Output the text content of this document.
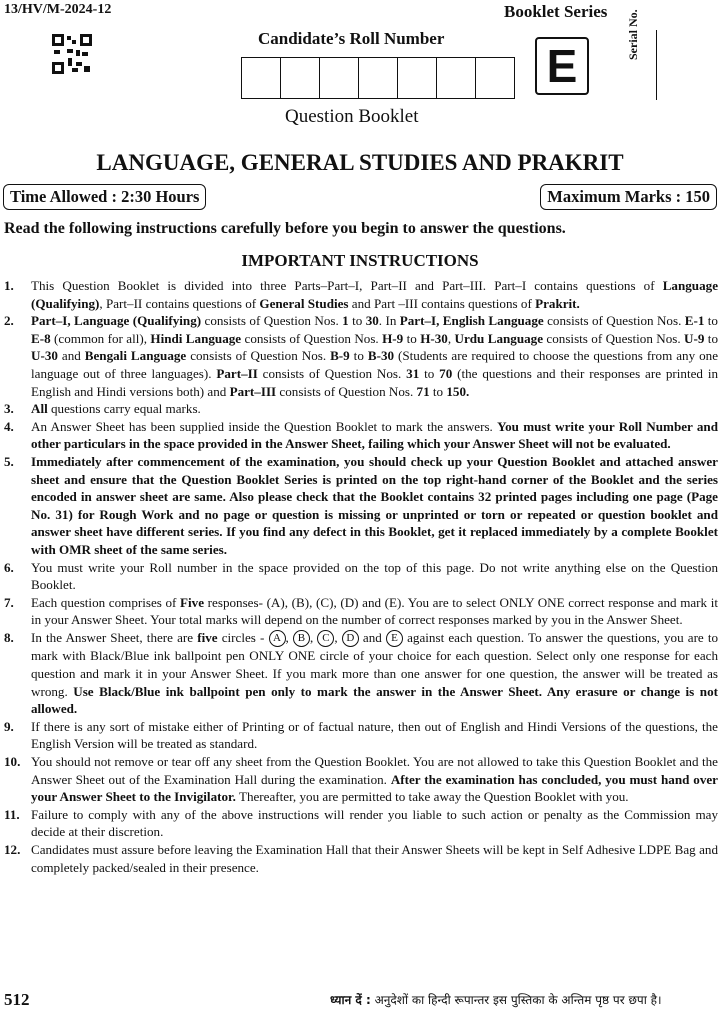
13/HV/M-2024-12	Booklet Series
Candidate’s Roll Number
Question Booklet
E
Serial No.
LANGUAGE, GENERAL STUDIES AND PRAKRIT
Time Allowed : 2:30 Hours	Maximum Marks : 150
Read the following instructions carefully before you begin to answer the questions.
IMPORTANT INSTRUCTIONS
1.	This Question Booklet is divided into three Parts–Part–I, Part–II and Part–III. Part–I contains questions of Language (Qualifying), Part–II contains questions of General Studies and Part –III contains questions of Prakrit.
2.	Part–I, Language (Qualifying) consists of Question Nos. 1 to 30. In Part–I, English Language consists of Question Nos. E-1 to E-8 (common for all), Hindi Language consists of Question Nos. H-9 to H-30, Urdu Language consists of Question Nos. U-9 to U-30 and Bengali Language consists of Question Nos. B-9 to B-30 (Students are required to choose the questions from any one language out of three languages). Part–II consists of Question Nos. 31 to 70 (the questions and their responses are printed in English and Hindi versions both) and Part–III consists of Question Nos. 71 to 150.
3.	All questions carry equal marks.
4.	An Answer Sheet has been supplied inside the Question Booklet to mark the answers. You must write your Roll Number and other particulars in the space provided in the Answer Sheet, failing which your Answer Sheet will not be evaluated.
5.	Immediately after commencement of the examination, you should check up your Question Booklet and attached answer sheet and ensure that the Question Booklet Series is printed on the top right-hand corner of the Booklet and the series encoded in answer sheet are same. Also please check that the Booklet contains 32 printed pages including one page (Page No. 31) for Rough Work and no page or question is missing or unprinted or torn or repeated or question booklet and answer sheet have different series. If you find any defect in this Booklet, get it replaced immediately by a complete Booklet with OMR sheet of the same series.
6.	You must write your Roll number in the space provided on the top of this page. Do not write anything else on the Question Booklet.
7.	Each question comprises of Five responses- (A), (B), (C), (D) and (E). You are to select ONLY ONE correct response and mark it in your Answer Sheet. Your total marks will depend on the number of correct responses marked by you in the Answer Sheet.
8.	In the Answer Sheet, there are five circles - A , B , C , D and E against each question. To answer the questions, you are to mark with Black/Blue ink ballpoint pen ONLY ONE circle of your choice for each question. Select only one response for each question and mark it in your Answer Sheet. If you mark more than one answer for one question, the answer will be treated as wrong. Use Black/Blue ink ballpoint pen only to mark the answer in the Answer Sheet. Any erasure or change is not allowed.
9.	If there is any sort of mistake either of Printing or of factual nature, then out of English and Hindi Versions of the questions, the English Version will be treated as standard.
10. You should not remove or tear off any sheet from the Question Booklet. You are not allowed to take this Question Booklet and the Answer Sheet out of the Examination Hall during the examination. After the examination has concluded, you must hand over your Answer Sheet to the Invigilator. Thereafter, you are permitted to take away the Question Booklet with you.
11. Failure to comply with any of the above instructions will render you liable to such action or penalty as the Commission may decide at their discretion.
12. Candidates must assure before leaving the Examination Hall that their Answer Sheets will be kept in Self Adhesive LDPE Bag and completely packed/sealed in their presence.
512	ध्यान दें : अनुदेशों का हिन्दी रूपान्तर इस पुस्तिका के अन्तिम पृष्ठ पर छपा है।
